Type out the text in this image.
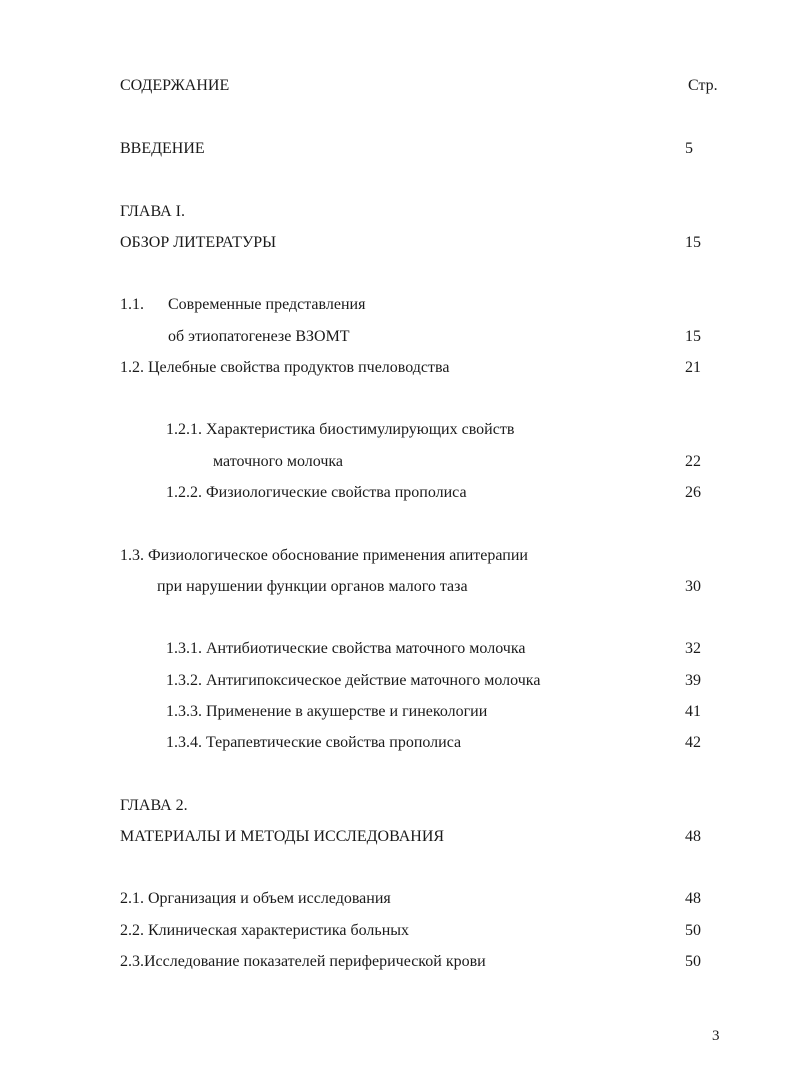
СОДЕРЖАНИЕ	Стр.
ВВЕДЕНИЕ	5
ГЛАВА I.
ОБЗОР ЛИТЕРАТУРЫ	15
1.1. Современные представления
об этиопатогенезе ВЗОМТ	15
1.2. Целебные свойства продуктов пчеловодства	21
1.2.1. Характеристика биостимулирующих свойств
маточного молочка	22
1.2.2. Физиологические свойства прополиса	26
1.3. Физиологическое обоснование применения апитерапии
при нарушении функции органов малого таза	30
1.3.1. Антибиотические свойства маточного молочка	32
1.3.2. Антигипоксическое действие маточного молочка	39
1.3.3. Применение в акушерстве и гинекологии	41
1.3.4. Терапевтические свойства прополиса	42
ГЛАВА 2.
МАТЕРИАЛЫ И МЕТОДЫ ИССЛЕДОВАНИЯ	48
2.1. Организация и объем исследования	48
2.2. Клиническая характеристика больных	50
2.3.Исследование показателей периферической крови	50
3
